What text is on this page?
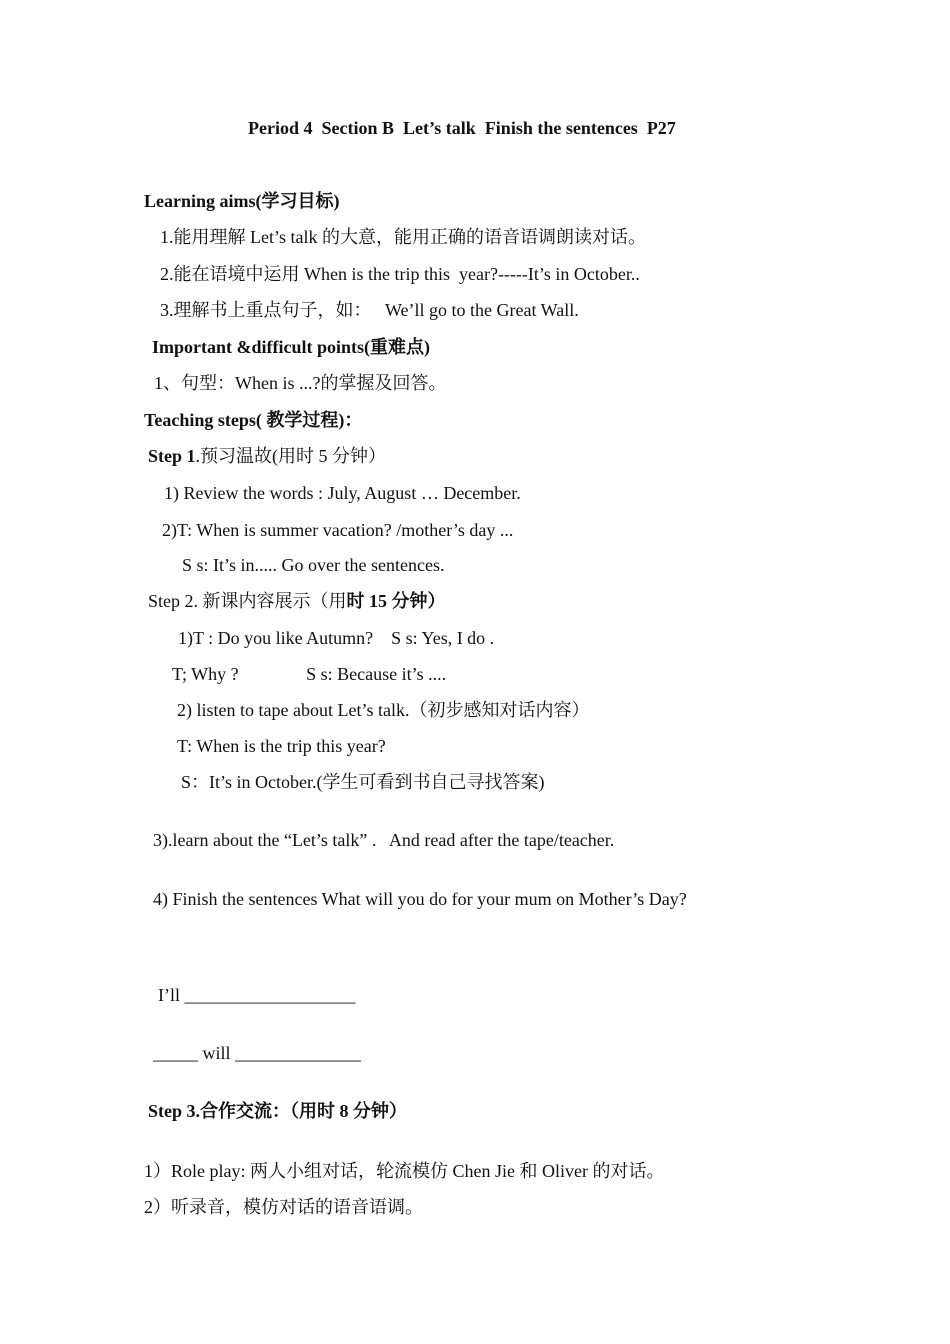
Period 4  Section B  Let’s talk  Finish the sentences  P27
Learning aims(学习目标)
1.能用理解 Let’s talk 的大意，能用正确的语音语调朗读对话。
2.能在语境中运用 When is the trip this  year?-----It’s in October..
3.理解书上重点句子，如：   We’ll go to the Great Wall.
Important &difficult points(重难点)
1、句型：When is ...?的掌握及回答。
Teaching steps( 教学过程)：
Step 1.预习温故(用时 5 分钟）
1) Review the words : July, August … December.
2)T: When is summer vacation? /mother’s day ...
S s: It’s in..... Go over the sentences.
Step 2. 新课内容展示（用时 15 分钟）
1)T : Do you like Autumn?    S s: Yes, I do .
T; Why ?               S s: Because it’s ....
2) listen to tape about Let’s talk.（初步感知对话内容）
T: When is the trip this year?
S：It’s in October.(学生可看到书自己寻找答案)
3).learn about the “Let’s talk” .   And read after the tape/teacher.
4) Finish the sentences What will you do for your mum on Mother’s Day?
I’ll ___________________
_____ will ______________
Step 3.合作交流：（用时 8 分钟）
1）Role play: 两人小组对话，轮流模仿 Chen Jie 和 Oliver 的对话。
2）听录音，模仿对话的语音语调。
